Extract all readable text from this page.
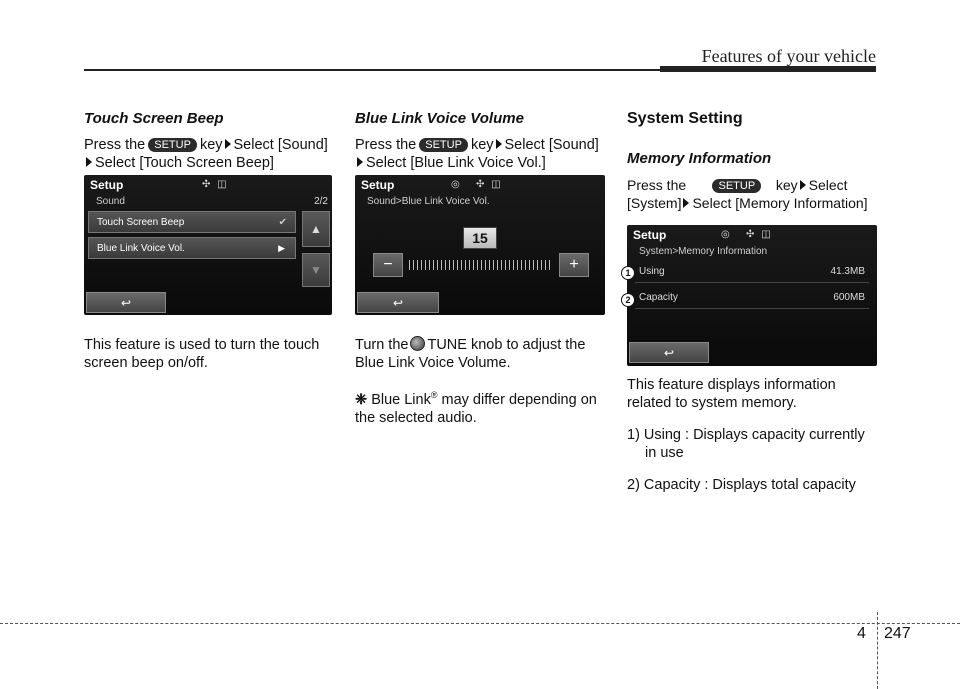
Features of your vehicle

Touch Screen Beep

Press the SETUP key Select [Sound]
Select [Touch Screen Beep]

Setup	✣ ◫
Sound	2/2
Touch Screen Beep	✔
Blue Link Voice Vol.	▶
▲
▼
↩

This feature is used to turn the touch screen beep on/off.

Blue Link Voice Volume

Press the SETUP key Select [Sound]
Select [Blue Link Voice Vol.]

Setup	◎   ✣ ◫
Sound>Blue Link Voice Vol.
15
−	+
↩
Turn the TUNE knob to adjust the Blue Link Voice Volume.
❈ Blue Link® may differ depending on the selected audio.

System Setting

Memory Information

Press the	SETUP key Select
[System] Select [Memory Information]

Setup	◎   ✣ ◫
System>Memory Information
Using	41.3MB
Capacity	600MB
↩
1
2

This feature displays information related to system memory.

1) Using : Displays capacity currently
in use

2) Capacity : Displays total capacity

4 247
